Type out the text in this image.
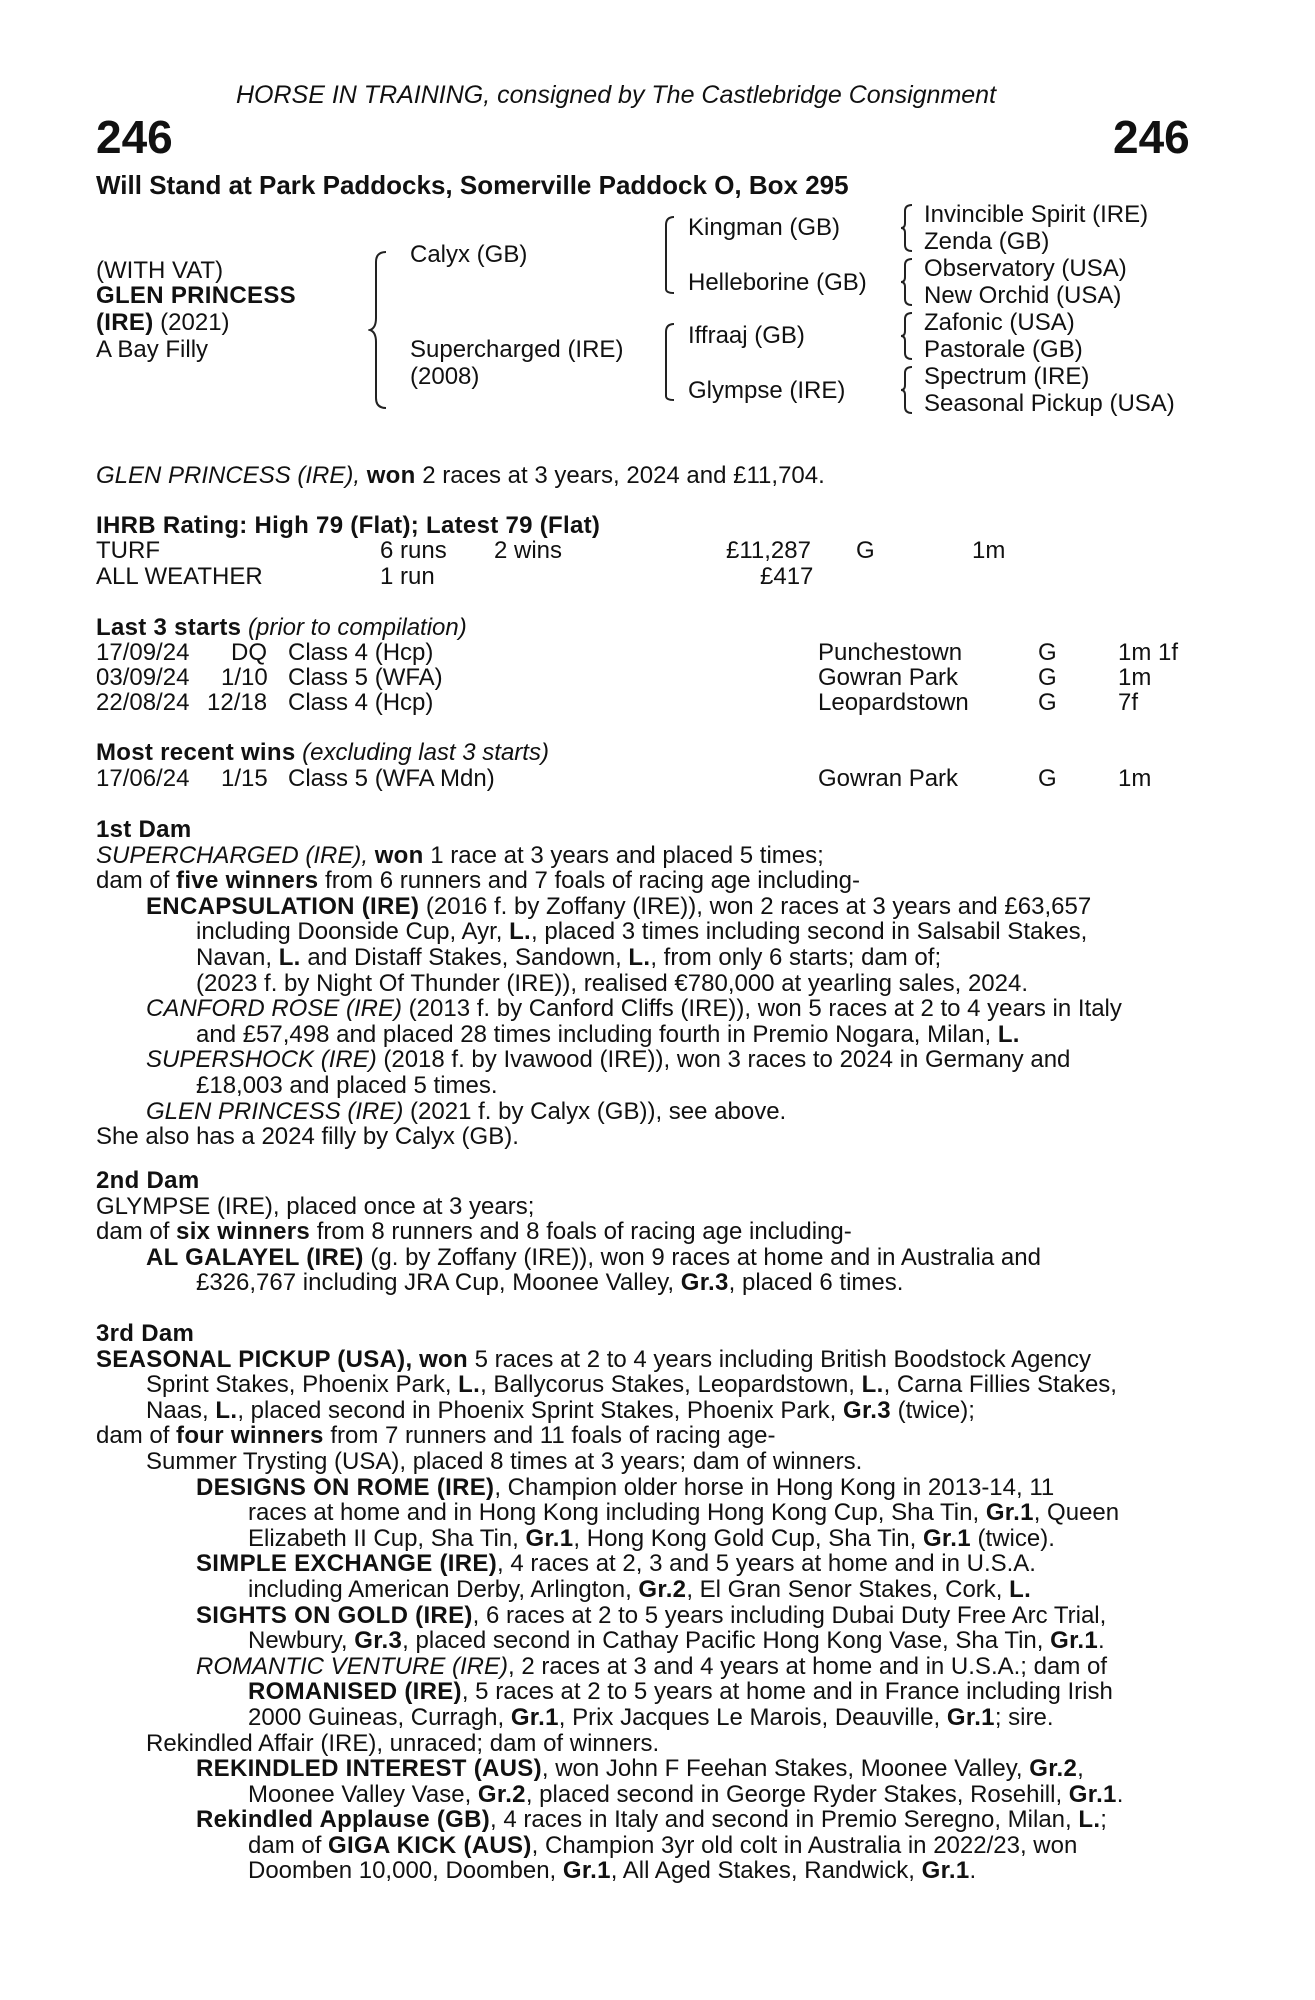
HORSE IN TRAINING, consigned by The Castlebridge Consignment
246	246
Will Stand at Park Paddocks, Somerville Paddock O, Box 295
(WITH VAT)
GLEN PRINCESS
(IRE) (2021)
A Bay Filly
Calyx (GB)
Supercharged (IRE)
(2008)
Kingman (GB)
Helleborine (GB)
Iffraaj (GB)
Glympse (IRE)
Invincible Spirit (IRE)
Zenda (GB)
Observatory (USA)
New Orchid (USA)
Zafonic (USA)
Pastorale (GB)
Spectrum (IRE)
Seasonal Pickup (USA)
GLEN PRINCESS (IRE), won 2 races at 3 years, 2024 and £11,704.
IHRB Rating: High 79 (Flat); Latest 79 (Flat)
TURF	6 runs 2 wins	£11,287 G	1m
ALL WEATHER	1 run	£417
Last 3 starts (prior to compilation)
17/09/24 DQ Class 4 (Hcp)	Punchestown	G	1m 1f
03/09/24 1/10 Class 5 (WFA)	Gowran Park	G	1m
22/08/24 12/18 Class 4 (Hcp)	Leopardstown	G	7f
Most recent wins (excluding last 3 starts)
17/06/24 1/15 Class 5 (WFA Mdn)	Gowran Park	G	1m
1st Dam
SUPERCHARGED (IRE), won 1 race at 3 years and placed 5 times;
dam of five winners from 6 runners and 7 foals of racing age including-
ENCAPSULATION (IRE) (2016 f. by Zoffany (IRE)), won 2 races at 3 years and £63,657
including Doonside Cup, Ayr, L., placed 3 times including second in Salsabil Stakes,
Navan, L. and Distaff Stakes, Sandown, L., from only 6 starts; dam of;
(2023 f. by Night Of Thunder (IRE)), realised €780,000 at yearling sales, 2024.
CANFORD ROSE (IRE) (2013 f. by Canford Cliffs (IRE)), won 5 races at 2 to 4 years in Italy
and £57,498 and placed 28 times including fourth in Premio Nogara, Milan, L.
SUPERSHOCK (IRE) (2018 f. by Ivawood (IRE)), won 3 races to 2024 in Germany and
£18,003 and placed 5 times.
GLEN PRINCESS (IRE) (2021 f. by Calyx (GB)), see above.
She also has a 2024 filly by Calyx (GB).
2nd Dam
GLYMPSE (IRE), placed once at 3 years;
dam of six winners from 8 runners and 8 foals of racing age including-
AL GALAYEL (IRE) (g. by Zoffany (IRE)), won 9 races at home and in Australia and
£326,767 including JRA Cup, Moonee Valley, Gr.3, placed 6 times.
3rd Dam
SEASONAL PICKUP (USA), won 5 races at 2 to 4 years including British Boodstock Agency
Sprint Stakes, Phoenix Park, L., Ballycorus Stakes, Leopardstown, L., Carna Fillies Stakes,
Naas, L., placed second in Phoenix Sprint Stakes, Phoenix Park, Gr.3 (twice);
dam of four winners from 7 runners and 11 foals of racing age-
Summer Trysting (USA), placed 8 times at 3 years; dam of winners.
DESIGNS ON ROME (IRE), Champion older horse in Hong Kong in 2013-14, 11
races at home and in Hong Kong including Hong Kong Cup, Sha Tin, Gr.1, Queen
Elizabeth II Cup, Sha Tin, Gr.1, Hong Kong Gold Cup, Sha Tin, Gr.1 (twice).
SIMPLE EXCHANGE (IRE), 4 races at 2, 3 and 5 years at home and in U.S.A.
including American Derby, Arlington, Gr.2, El Gran Senor Stakes, Cork, L.
SIGHTS ON GOLD (IRE), 6 races at 2 to 5 years including Dubai Duty Free Arc Trial,
Newbury, Gr.3, placed second in Cathay Pacific Hong Kong Vase, Sha Tin, Gr.1.
ROMANTIC VENTURE (IRE), 2 races at 3 and 4 years at home and in U.S.A.; dam of
ROMANISED (IRE), 5 races at 2 to 5 years at home and in France including Irish
2000 Guineas, Curragh, Gr.1, Prix Jacques Le Marois, Deauville, Gr.1; sire.
Rekindled Affair (IRE), unraced; dam of winners.
REKINDLED INTEREST (AUS), won John F Feehan Stakes, Moonee Valley, Gr.2,
Moonee Valley Vase, Gr.2, placed second in George Ryder Stakes, Rosehill, Gr.1.
Rekindled Applause (GB), 4 races in Italy and second in Premio Seregno, Milan, L.;
dam of GIGA KICK (AUS), Champion 3yr old colt in Australia in 2022/23, won
Doomben 10,000, Doomben, Gr.1, All Aged Stakes, Randwick, Gr.1.
